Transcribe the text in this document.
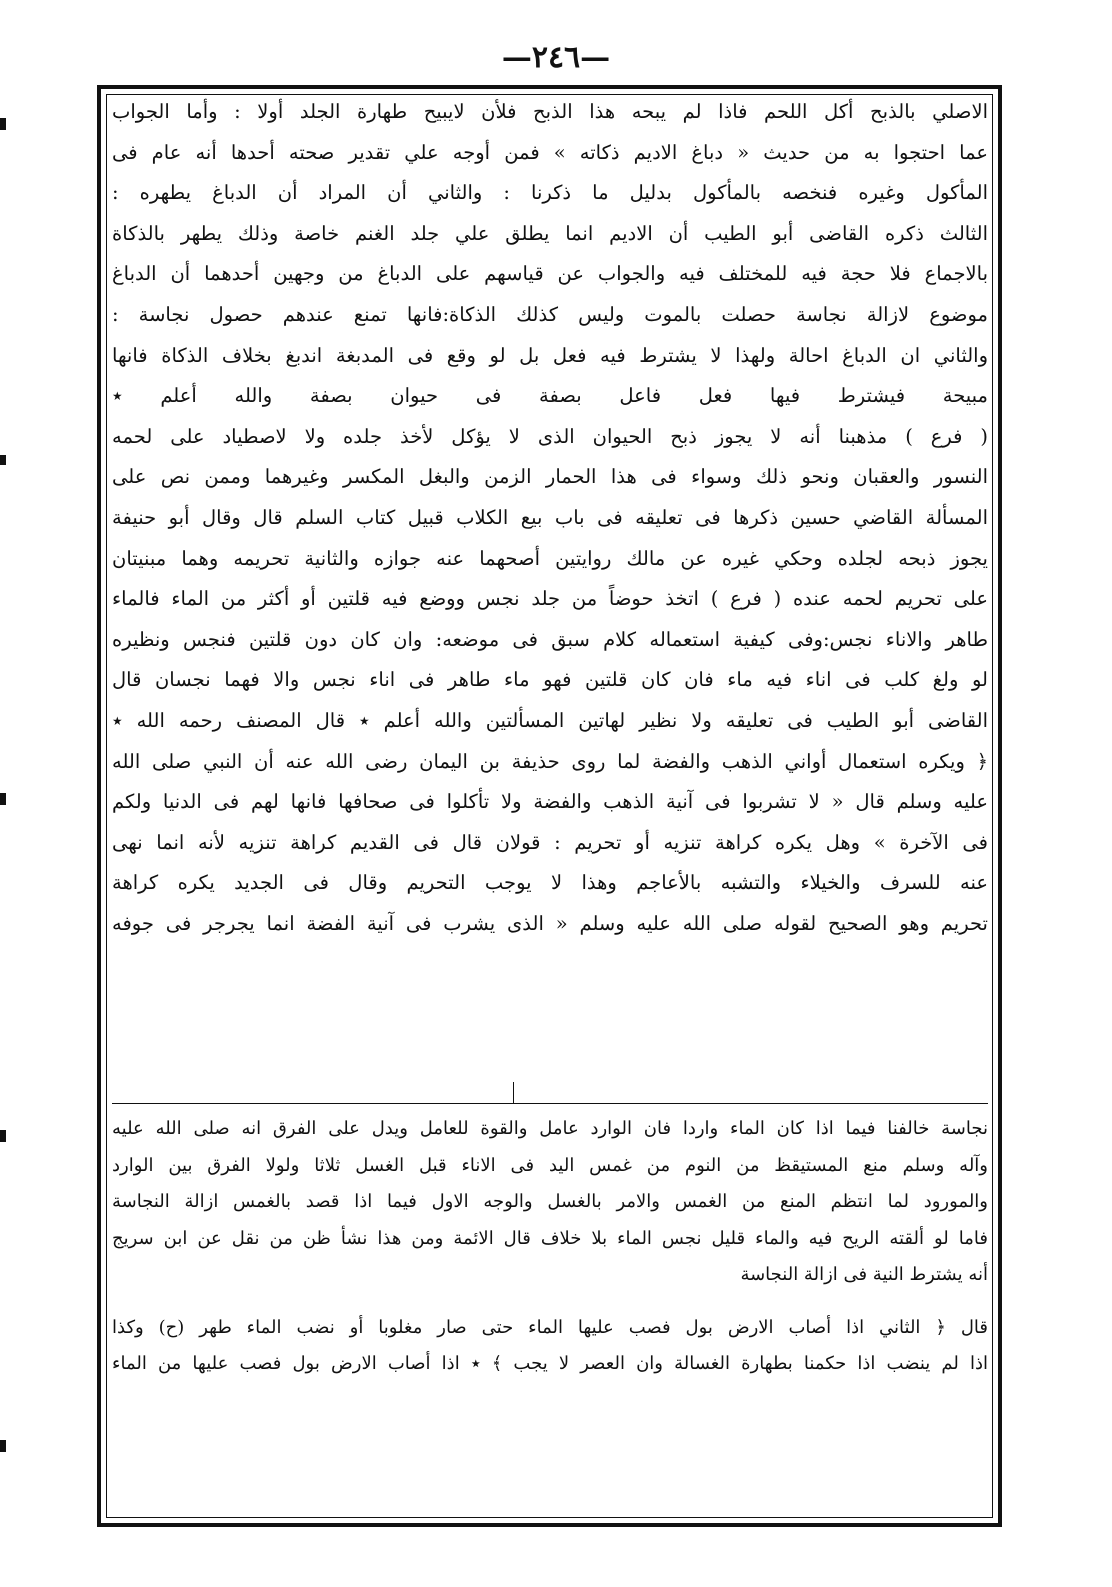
—٢٤٦—
الاصلي بالذبح أكل اللحم فاذا لم يبحه هذا الذبح فلأن لايبيح طهارة الجلد أولا : وأما الجواب
عما احتجوا به من حديث « دباغ الاديم ذكاته » فمن أوجه علي تقدير صحته أحدها أنه عام فى
المأكول وغيره فنخصه بالمأكول بدليل ما ذكرنا : والثاني أن المراد أن الدباغ يطهره :
الثالث ذكره القاضى أبو الطيب أن الاديم انما يطلق علي جلد الغنم خاصة وذلك يطهر بالذكاة
بالاجماع فلا حجة فيه للمختلف فيه والجواب عن قياسهم على الدباغ من وجهين أحدهما أن الدباغ
موضوع لازالة نجاسة حصلت بالموت وليس كذلك الذكاة:فانها تمنع عندهم حصول نجاسة :
والثاني ان الدباغ احالة ولهذا لا يشترط فيه فعل بل لو وقع فى المدبغة اندبغ بخلاف الذكاة فانها
مبيحة فيشترط فيها فعل فاعل بصفة فى حيوان بصفة والله أعلم ٭
( فرع ) مذهبنا أنه لا يجوز ذبح الحيوان الذى لا يؤكل لأخذ جلده ولا لاصطياد على لحمه
النسور والعقبان ونحو ذلك وسواء فى هذا الحمار الزمن والبغل المكسر وغيرهما وممن نص على
المسألة القاضي حسين ذكرها فى تعليقه فى باب بيع الكلاب قبيل كتاب السلم قال وقال أبو حنيفة
يجوز ذبحه لجلده وحكي غيره عن مالك روايتين أصحهما عنه جوازه والثانية تحريمه وهما مبنيتان
على تحريم لحمه عنده ( فرع ) اتخذ حوضاً من جلد نجس ووضع فيه قلتين أو أكثر من الماء فالماء
طاهر والاناء نجس:وفى كيفية استعماله كلام سبق فى موضعه: وان كان دون قلتين فنجس ونظيره
لو ولغ كلب فى اناء فيه ماء فان كان قلتين فهو ماء طاهر فى اناء نجس والا فهما نجسان قال
القاضى أبو الطيب فى تعليقه ولا نظير لهاتين المسألتين والله أعلم ٭ قال المصنف رحمه الله ٭
﴿ ويكره استعمال أواني الذهب والفضة لما روى حذيفة بن اليمان رضى الله عنه أن النبي صلى الله
عليه وسلم قال « لا تشربوا فى آنية الذهب والفضة ولا تأكلوا فى صحافها فانها لهم فى الدنيا ولكم
فى الآخرة » وهل يكره كراهة تنزيه أو تحريم : قولان قال فى القديم كراهة تنزيه لأنه انما نهى
عنه للسرف والخيلاء والتشبه بالأعاجم وهذا لا يوجب التحريم وقال فى الجديد يكره كراهة
تحريم وهو الصحيح لقوله صلى الله عليه وسلم « الذى يشرب فى آنية الفضة انما يجرجر فى جوفه
نجاسة خالفنا فيما اذا كان الماء واردا فان الوارد عامل والقوة للعامل ويدل على الفرق انه صلى الله عليه
وآله وسلم منع المستيقظ من النوم من غمس اليد فى الاناء قبل الغسل ثلاثا ولولا الفرق بين الوارد
والمورود لما انتظم المنع من الغمس والامر بالغسل والوجه الاول فيما اذا قصد بالغمس ازالة النجاسة
فاما لو ألقته الريح فيه والماء قليل نجس الماء بلا خلاف قال الائمة ومن هذا نشأ ظن من نقل عن ابن سريج
أنه يشترط النية فى ازالة النجاسة
قال ﴿ الثاني اذا أصاب الارض بول فصب عليها الماء حتى صار مغلوبا أو نضب الماء طهر (ح) وكذا
اذا لم ينضب اذا حكمنا بطهارة الغسالة وان العصر لا يجب ﴾ ٭ اذا أصاب الارض بول فصب عليها من الماء
